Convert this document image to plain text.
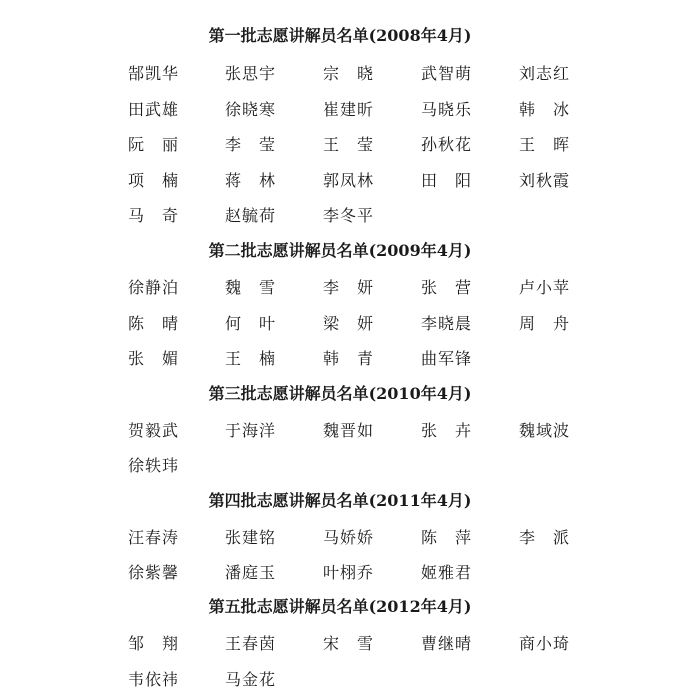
第一批志愿讲解员名单(2008年4月)
郜凯华	张思宇	宗　晓	武智萌	刘志红
田武雄	徐晓寒	崔建昕	马晓乐	韩　冰
阮　丽	李　莹	王　莹	孙秋花	王　晖
项　楠	蒋　林	郭凤林	田　阳	刘秋霞
马　奇	赵毓荷	李冬平
第二批志愿讲解员名单(2009年4月)
徐静泊	魏　雪	李　妍	张　营	卢小苹
陈　晴	何　叶	梁　妍	李晓晨	周　舟
张　媚	王　楠	韩　青	曲军锋
第三批志愿讲解员名单(2010年4月)
贺毅武	于海洋	魏晋如	张　卉	魏域波
徐轶玮
第四批志愿讲解员名单(2011年4月)
汪春涛	张建铭	马娇娇	陈　萍	李　派
徐紫馨	潘庭玉	叶栩乔	姬雅君
第五批志愿讲解员名单(2012年4月)
邹　翔	王春茵	宋　雪	曹继晴	商小琦
韦依祎	马金花
